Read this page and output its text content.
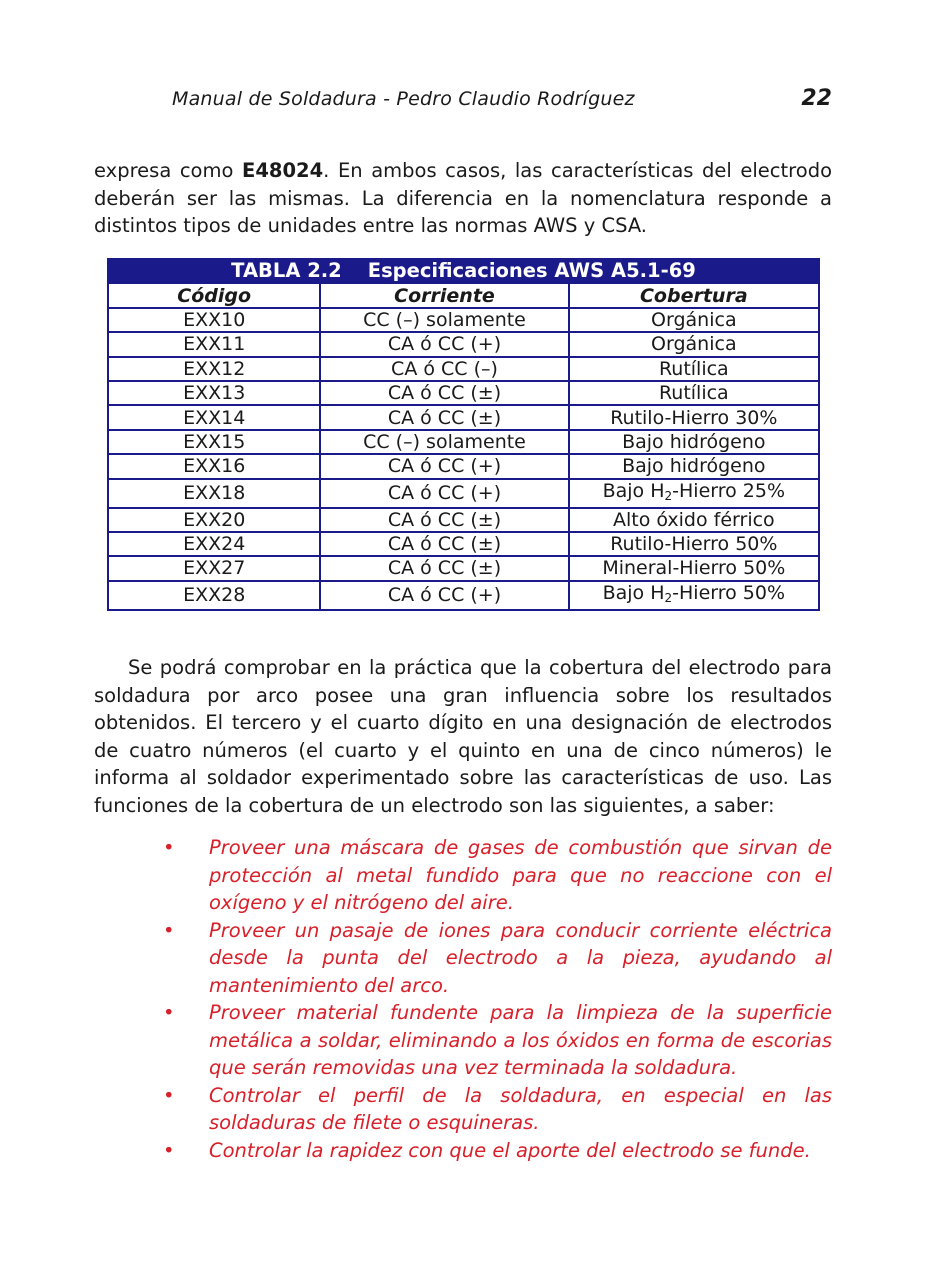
Manual de Soldadura - Pedro Claudio Rodríguez	22

expresa como E48024. En ambos casos, las características del electrodo deberán ser las mismas. La diferencia en la nomenclatura responde a distintos tipos de unidades entre las normas AWS y CSA.

TABLA 2.2 Especificaciones AWS A5.1-69		
Código	Corriente	Cobertura
EXX10	CC (–) solamente	Orgánica
EXX11	CA ó CC (+)	Orgánica
EXX12	CA ó CC (–)	Rutílica
EXX13	CA ó CC (±)	Rutílica
EXX14	CA ó CC (±)	Rutilo-Hierro 30%
EXX15	CC (–) solamente	Bajo hidrógeno
EXX16	CA ó CC (+)	Bajo hidrógeno
EXX18	CA ó CC (+)	Bajo $H_2$-Hierro 25%
EXX20	CA ó CC (±)	Alto óxido férrico
EXX24	CA ó CC (±)	Rutilo-Hierro 50%
EXX27	CA ó CC (±)	Mineral-Hierro 50%
EXX28	CA ó CC (+)	Bajo $H_2$-Hierro 50%

Se podrá comprobar en la práctica que la cobertura del electrodo para soldadura por arco posee una gran influencia sobre los resultados obtenidos. El tercero y el cuarto dígito en una designación de electrodos de cuatro números (el cuarto y el quinto en una de cinco números) le informa al soldador experimentado sobre las características de uso. Las funciones de la cobertura de un electrodo son las siguientes, a saber:

• Proveer una máscara de gases de combustión que sirvan de protección al metal fundido para que no reaccione con el oxígeno y el nitrógeno del aire.
• Proveer un pasaje de iones para conducir corriente eléctrica desde la punta del electrodo a la pieza, ayudando al mantenimiento del arco.
• Proveer material fundente para la limpieza de la superficie metálica a soldar, eliminando a los óxidos en forma de escorias que serán removidas una vez terminada la soldadura.
• Controlar el perfil de la soldadura, en especial en las soldaduras de filete o esquineras.
• Controlar la rapidez con que el aporte del electrodo se funde.
